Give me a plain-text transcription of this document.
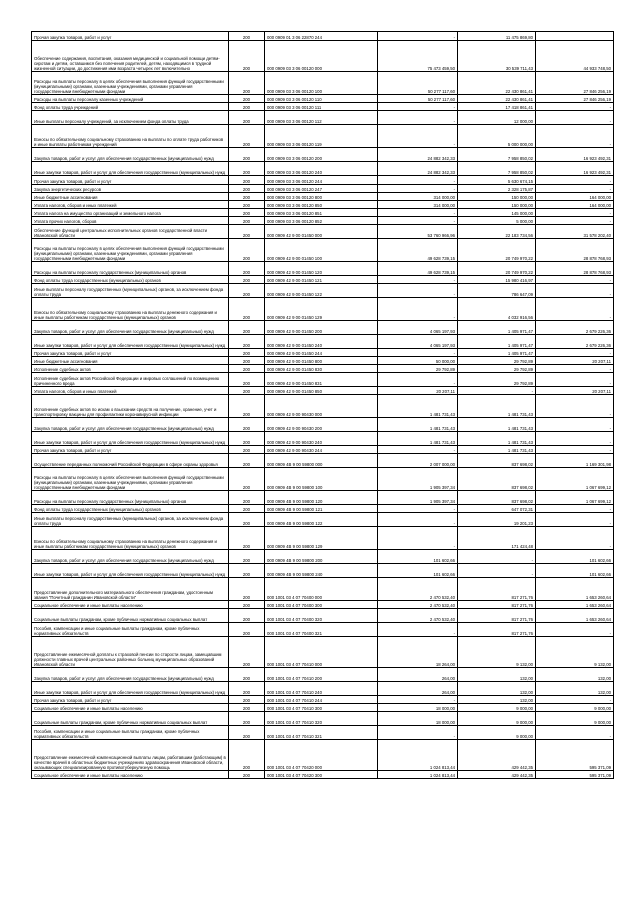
Прочая закупка товаров, работ и услуг	200	000 0909 01 3 06 22870 244	-	11 475 869,80	
Обеспечение содержания, воспитания, оказания медицинской и социальной помощи детям-сиротам и детям, оставшимся без попечения родителей, детям, находящимся в трудной жизненной ситуации, до достижения ими возраста четырех лет включительно	200	000 0909 03 3 06 00120 000	75 473 459,50	30 539 711,43	44 933 748,50
Расходы на выплаты персоналу в целях обеспечения выполнения функций государственными (муниципальными) органами, казенными учреждениями, органами управления государственными внебюджетными фондами	200	000 0909 03 3 06 00120 100	50 277 117,60	22 430 861,41	27 846 256,19
Расходы на выплаты персоналу казенных учреждений	200	000 0909 03 3 06 00120 110	50 277 117,60	22 430 861,41	27 846 256,19
Фонд оплаты труда учреждений	200	000 0909 03 3 06 00120 111	-	17 418 861,41	-
Иные выплаты персоналу учреждений, за исключением фонда оплаты труда	200	000 0909 03 3 06 00120 112	-	12 000,00	-
Взносы по обязательному социальному страхованию на выплаты по оплате труда работников и иные выплаты работникам учреждений	200	000 0909 03 3 06 00120 119	-	5 000 000,00	-
Закупка товаров, работ и услуг для обеспечения государственных (муниципальных) нужд	200	000 0909 03 3 06 00120 200	24 882 342,33	7 958 850,02	16 923 492,31
Иные закупки товаров, работ и услуг для обеспечения государственных (муниципальных) нужд	200	000 0909 03 3 06 00120 240	24 882 342,33	7 958 850,02	16 923 492,31
Прочая закупка товаров, работ и услуг	200	000 0909 03 3 06 00120 244	-	5 630 674,15	-
Закупка энергетических ресурсов	200	000 0909 03 3 06 00120 247	-	2 328 175,87	-
Иные бюджетные ассигнования	200	000 0909 03 3 06 00120 800	314 000,00	150 000,00	164 000,00
Уплата налогов, сборов и иных платежей	200	000 0909 03 3 06 00120 850	314 000,00	150 000,00	164 000,00
Уплата налога на имущество организаций и земельного налога	200	000 0909 03 3 06 00120 851	-	145 000,00	-
Уплата прочих налогов, сборов	200	000 0909 03 3 06 00120 852	-	5 000,00	-
Обеспечение функций центральных исполнительных органов государственной власти Ивановской области	200	000 0909 42 9 00 01450 000	53 760 966,96	22 183 734,56	31 578 202,40
Расходы на выплаты персоналу в целях обеспечения выполнения функций государственными (муниципальными) органами, казенными учреждениями, органами управления государственными внебюджетными фондами	200	000 0909 42 9 00 01450 100	49 628 739,15	20 749 970,22	28 878 768,93
Расходы на выплаты персоналу государственных (муниципальных) органов	200	000 0909 42 9 00 01450 120	49 628 739,15	20 749 970,22	28 878 768,93
Фонд оплаты труда государственных (муниципальных) органов	200	000 0909 42 9 00 01450 121	-	15 980 416,97	-
Иные выплаты персоналу государственных (муниципальных) органов, за исключением фонда оплаты труда	200	000 0909 42 9 00 01450 122	-	786 647,09	-
Взносы по обязательному социальному страхованию на выплаты денежного содержания и иные выплаты работникам государственных (муниципальных) органов	200	000 0909 42 9 00 01450 129	-	4 032 916,56	-
Закупка товаров, работ и услуг для обеспечения государственных (муниципальных) нужд	200	000 0909 42 9 00 01450 200	4 065 197,93	1 405 971,47	2 679 226,36
Иные закупки товаров, работ и услуг для обеспечения государственных (муниципальных) нужд	200	000 0909 42 9 00 01450 240	4 065 197,93	1 405 971,47	2 679 226,36
Прочая закупка товаров, работ и услуг	200	000 0909 42 9 00 01450 244	-	1 405 971,47	-
Иные бюджетные ассигнования	200	000 0909 42 9 00 01450 800	50 000,00	29 792,89	20 207,11
Исполнение судебных актов	200	000 0909 42 9 00 01450 830	29 792,89	29 792,89	-
Исполнение судебных актов Российской Федерации и мировых соглашений по возмещению причиненного вреда	200	000 0909 42 9 00 01450 831	-	29 792,89	-
Уплата налогов, сборов и иных платежей	200	000 0909 42 9 00 01450 850	20 207,11	-	20 207,11
Исполнение судебных актов по искам о взыскании средств на получение, хранение, учет и транспортировку вакцины для профилактики коронавирусной инфекции	200	000 0909 42 9 00 90430 000	1 481 731,43	1 481 731,43	-
Закупка товаров, работ и услуг для обеспечения государственных (муниципальных) нужд	200	000 0909 42 9 00 90430 200	1 481 731,43	1 481 731,43	-
Иные закупки товаров, работ и услуг для обеспечения государственных (муниципальных) нужд	200	000 0909 42 9 00 90430 240	1 481 731,43	1 481 731,43	-
Прочая закупка товаров, работ и услуг	200	000 0909 42 9 00 90430 244	-	1 481 731,43	-
Осуществление переданных полномочий Российской Федерации в сфере охраны здоровья	200	000 0909 4В 9 00 59800 000	2 007 000,00	837 698,02	1 169 301,98
Расходы на выплаты персоналу в целях обеспечения выполнения функций государственными (муниципальными) органами, казенными учреждениями, органами управления государственными внебюджетными фондами	200	000 0909 4В 9 00 59800 100	1 905 397,34	837 698,02	1 067 699,12
Расходы на выплаты персоналу государственных (муниципальных) органов	200	000 0909 4В 9 00 59800 120	1 905 397,34	837 698,02	1 067 699,12
Фонд оплаты труда государственных (муниципальных) органов	200	000 0909 4В 9 00 59800 121	-	647 072,31	-
Иные выплаты персоналу государственных (муниципальных) органов, за исключением фонда оплаты труда	200	000 0909 4В 9 00 59800 122	-	19 201,23	-
Взносы по обязательному социальному страхованию на выплаты денежного содержания и иные выплаты работникам государственных (муниципальных) органов	200	000 0909 4В 9 00 59800 129	-	171 424,48	-
Закупка товаров, работ и услуг для обеспечения государственных (муниципальных) нужд	200	000 0909 4В 9 00 59800 200	101 602,66	-	101 602,66
Иные закупки товаров, работ и услуг для обеспечения государственных (муниципальных) нужд	200	000 0909 4В 9 00 59800 240	101 602,66	-	101 602,66
Предоставление дополнительного материального обеспечения гражданам, удостоенным звания "Почетный гражданин Ивановской области"	200	000 1001 03 4 07 70400 000	2 470 532,40	817 271,76	1 653 260,64
Социальное обеспечение и иные выплаты населению	200	000 1001 03 4 07 70400 300	2 470 532,40	817 271,76	1 653 260,64
Социальные выплаты гражданам, кроме публичных нормативных социальных выплат	200	000 1001 03 4 07 70400 320	2 470 532,40	817 271,76	1 653 260,64
Пособия, компенсации и иные социальные выплаты гражданам, кроме публичных нормативных обязательств	200	000 1001 03 4 07 70400 321	-	817 271,76	-
Предоставление ежемесячной доплаты к страховой пенсии по старости лицам, замещавшим должности главных врачей центральных районных больниц муниципальных образований Ивановской области	200	000 1001 03 4 07 70410 000	18 264,00	9 132,00	9 132,00
Закупка товаров, работ и услуг для обеспечения государственных (муниципальных) нужд	200	000 1001 03 4 07 70410 200	264,00	132,00	132,00
Иные закупки товаров, работ и услуг для обеспечения государственных (муниципальных) нужд	200	000 1001 03 4 07 70410 240	264,00	132,00	132,00
Прочая закупка товаров, работ и услуг	200	000 1001 03 4 07 70410 244	-	132,00	-
Социальное обеспечение и иные выплаты населению	200	000 1001 03 4 07 70410 300	18 000,00	9 000,00	9 000,00
Социальные выплаты гражданам, кроме публичных нормативных социальных выплат	200	000 1001 03 4 07 70410 320	18 000,00	9 000,00	9 000,00
Пособия, компенсации и иные социальные выплаты гражданам, кроме публичных нормативных обязательств	200	000 1001 03 4 07 70410 321	-	9 000,00	-
Предоставление ежемесячной компенсационной выплаты лицам, работавшим (работающим) в качестве врачей в областных бюджетных учреждениях здравоохранения Ивановской области, оказывающих специализированную противотуберкулезную помощь	200	000 1001 03 4 07 70420 000	1 024 813,44	429 442,35	595 371,09
Социальное обеспечение и иные выплаты населению	200	000 1001 03 4 07 70420 300	1 024 813,44	429 442,35	595 371,09
